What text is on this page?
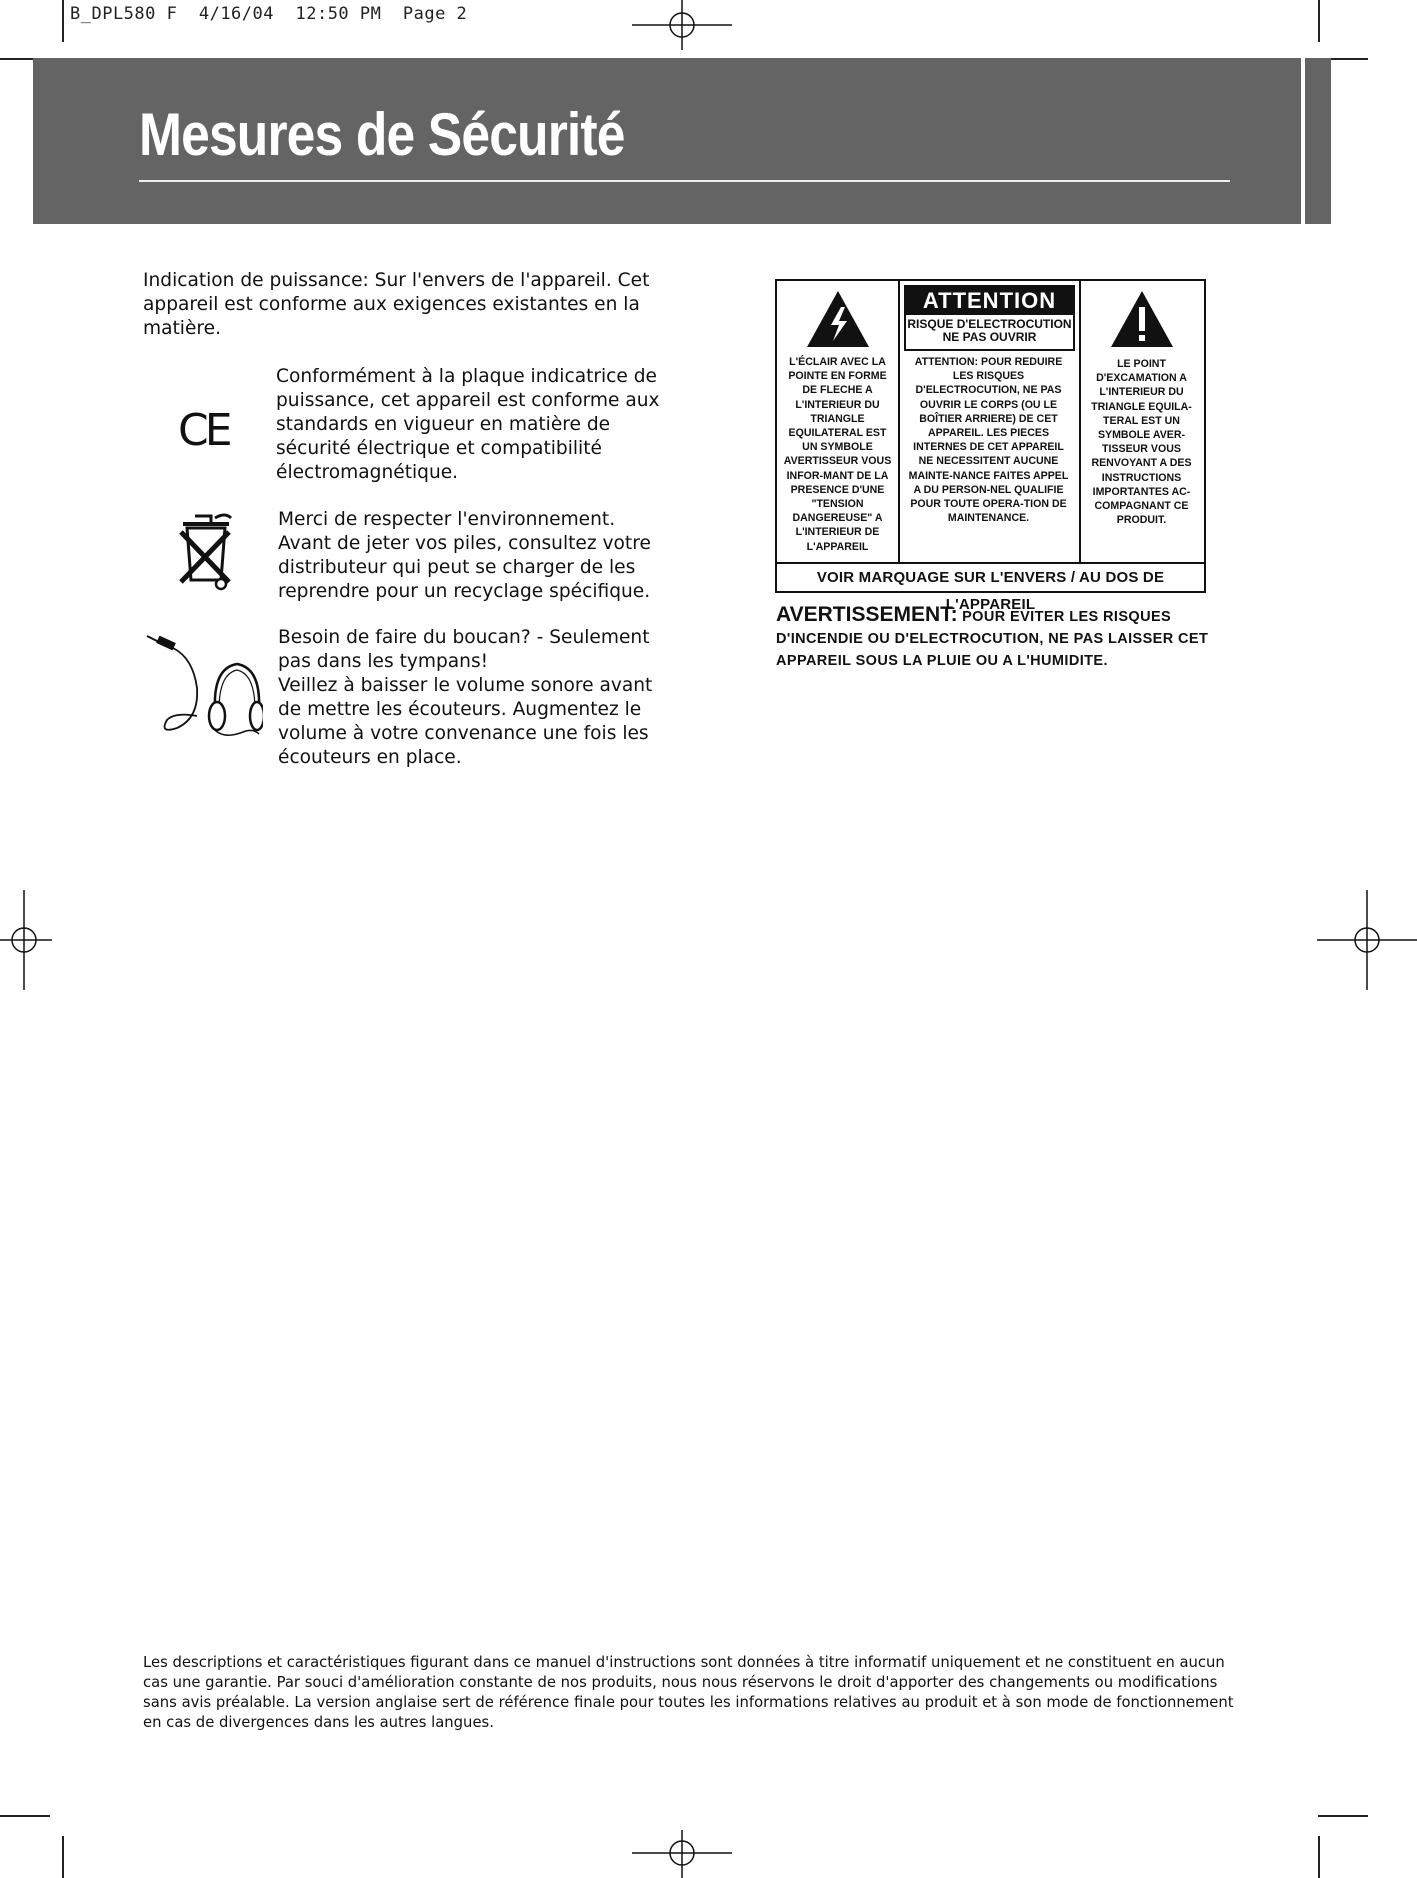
B_DPL580 F 4/16/04 12:50 PM Page 2
Mesures de Sécurité
Indication de puissance: Sur l'envers de l'appareil. Cet appareil est conforme aux exigences existantes en la matière.
CE
Conformément à la plaque indicatrice de puissance, cet appareil est conforme aux standards en vigueur en matière de sécurité électrique et compatibilité électromagnétique.
Merci de respecter l'environnement.
Avant de jeter vos piles, consultez votre distributeur qui peut se charger de les reprendre pour un recyclage spécifique.
Besoin de faire du boucan? - Seulement pas dans les tympans!
Veillez à baisser le volume sonore avant de mettre les écouteurs. Augmentez le volume à votre convenance une fois les écouteurs en place.
L'ÉCLAIR AVEC LA POINTE EN FORME DE FLECHE A L'INTERIEUR DU TRIANGLE EQUILATERAL EST UN SYMBOLE AVERTISSEUR VOUS INFOR-MANT DE LA PRESENCE D'UNE "TENSION DANGEREUSE" A L'INTERIEUR DE L'APPAREIL
ATTENTION
RISQUE D'ELECTROCUTION
NE PAS OUVRIR
ATTENTION: POUR REDUIRE LES RISQUES D'ELECTROCUTION, NE PAS OUVRIR LE CORPS (OU LE BOÎTIER ARRIERE) DE CET APPAREIL. LES PIECES INTERNES DE CET APPAREIL NE NECESSITENT AUCUNE MAINTE-NANCE FAITES APPEL A DU PERSON-NEL QUALIFIE POUR TOUTE OPERA-TION DE MAINTENANCE.
LE POINT D'EXCAMATION A L'INTERIEUR DU TRIANGLE EQUILA-TERAL EST UN SYMBOLE AVER-TISSEUR VOUS RENVOYANT A DES INSTRUCTIONS IMPORTANTES AC-COMPAGNANT CE PRODUIT.
VOIR MARQUAGE SUR L'ENVERS / AU DOS DE L'APPAREIL
AVERTISSEMENT: POUR EVITER LES RISQUES D'INCENDIE OU D'ELECTROCUTION, NE PAS LAISSER CET APPAREIL SOUS LA PLUIE OU A L'HUMIDITE.
Les descriptions et caractéristiques figurant dans ce manuel d'instructions sont données à titre informatif uniquement et ne constituent en aucun cas une garantie. Par souci d'amélioration constante de nos produits, nous nous réservons le droit d'apporter des changements ou modifications sans avis préalable. La version anglaise sert de référence finale pour toutes les informations relatives au produit et à son mode de fonctionnement en cas de divergences dans les autres langues.
